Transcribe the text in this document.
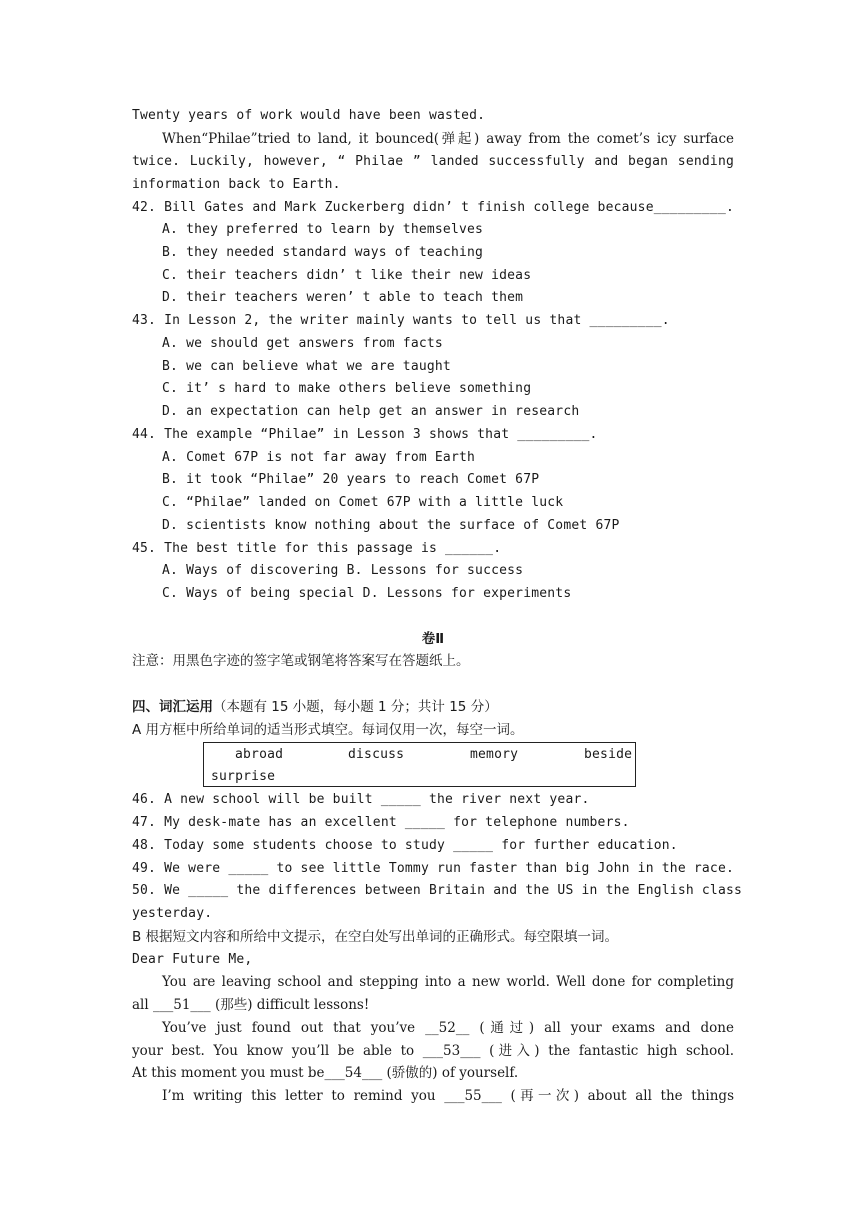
Twenty years of work would have been wasted.
When“Philae”tried to land, it bounced(弹起) away from the comet’s icy surface
twice. Luckily, however, “ Philae ” landed successfully and began sending
information back to Earth.
42. Bill Gates and Mark Zuckerberg didn’ t finish college because_________.
A. they preferred to learn by themselves
B. they needed standard ways of teaching
C. their teachers didn’ t like their new ideas
D. their teachers weren’ t able to teach them
43. In Lesson 2, the writer mainly wants to tell us that _________.
A. we should get answers from facts
B. we can believe what we are taught
C. it’ s hard to make others believe something
D. an expectation can help get an answer in research
44. The example “Philae” in Lesson 3 shows that _________.
A. Comet 67P is not far away from Earth
B. it took “Philae” 20 years to reach Comet 67P
C. “Philae” landed on Comet 67P with a little luck
D. scientists know nothing about the surface of Comet 67P
45. The best title for this passage is ______.
A. Ways of discovering B. Lessons for success
C. Ways of being special D. Lessons for experiments
卷Ⅱ
注意：用黑色字迹的签字笔或钢笔将答案写在答题纸上。
四、词汇运用（本题有 15 小题，每小题 1 分；共计 15 分）
A 用方框中所给单词的适当形式填空。每词仅用一次，每空一词。
abroad	discuss	memory	beside
surprise
46. A new school will be built _____ the river next year.
47. My desk-mate has an excellent _____ for telephone numbers.
48. Today some students choose to study _____ for further education.
49. We were _____ to see little Tommy run faster than big John in the race.
50. We _____ the differences between Britain and the US in the English class
yesterday.
B 根据短文内容和所给中文提示，在空白处写出单词的正确形式。每空限填一词。
Dear Future Me,
You are leaving school and stepping into a new world. Well done for completing
all ___51___ (那些) difficult lessons!
You’ve just found out that you’ve __52__ (通过) all your exams and done
your best. You know you’ll be able to ___53___ (进入) the fantastic high school.
At this moment you must be___54___ (骄傲的) of yourself.
I’m writing this letter to remind you ___55___ (再一次) about all the things
